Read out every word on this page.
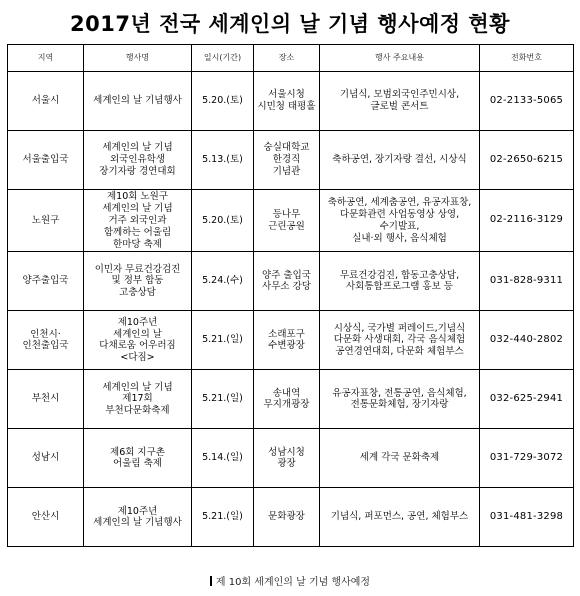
2017년 전국 세계인의 날 기념 행사예정 현황
지역	행사명	일시(기간)	장소	행사 주요내용	전화번호
서울시	세계인의 날 기념행사	5.20.(토)	서울시청
시민청 태평홀	기념식, 모범외국인주민시상,
글로벌 콘서트	02-2133-5065
서울출입국	세계인의 날 기념
외국인유학생
장기자랑 경연대회	5.13.(토)	숭실대학교
한경직
기념관	축하공연, 장기자랑 결선, 시상식	02-2650-6215
노원구	제10회 노원구
세계인의 날 기념
거주 외국인과
함께하는 어울림
한마당 축제	5.20.(토)	등나무
근린공원	축하공연, 세계춤공연, 유공자표창,
다문화관련 사업동영상 상영, 수기발표,
실내·외 행사, 음식체험	02-2116-3129
양주출입국	이민자 무료건강검진
및 정부 합동
고충상담	5.24.(수)	양주 출입국
사무소 강당	무료건강검진, 합동고충상담,
사회통합프로그램 홍보 등	031-828-9311
인천시·인천출입국	제10주년
세계인의 날
다채로움 어우러짐
<다짐>	5.21.(일)	소래포구
수변광장	시상식, 국가별 퍼레이드,기념식
다문화 사생대회, 각국 음식체험
공연경연대회, 다문화 체험부스	032-440-2802
부천시	세계인의 날 기념
제17회
부천다문화축제	5.21.(일)	송내역
무지개광장	유공자표창, 전통공연, 음식체험,
전통문화체험, 장기자랑	032-625-2941
성남시	제6회 지구촌
어울림 축제	5.14.(일)	성남시청
광장	세계 각국 문화축제	031-729-3072
안산시	제10주년
세계인의 날 기념행사	5.21.(일)	문화광장	기념식, 퍼포먼스, 공연, 체험부스	031-481-3298
제 10회 세계인의 날 기념 행사예정
